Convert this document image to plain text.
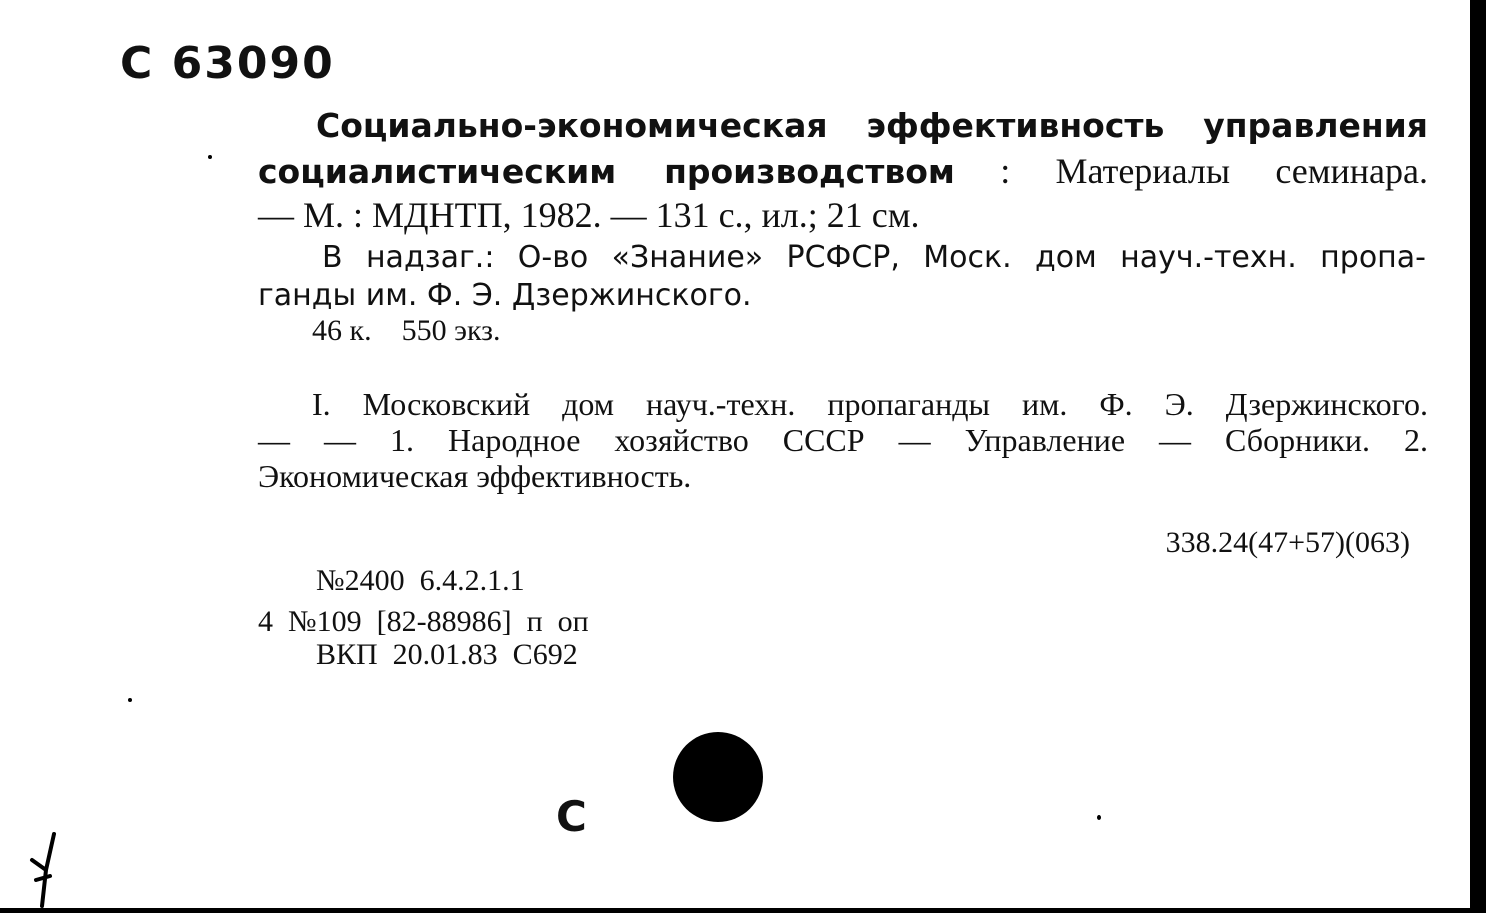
С 63090
Социально-экономическая эффективность управления
социалистическим производством : Материалы семинара.
— М. : МДНТП, 1982. — 131 с., ил.; 21 см.
В надзаг.: О-во «Знание» РСФСР, Моск. дом науч.-техн. пропа-
ганды им. Ф. Э. Дзержинского.
46 к.    550 экз.
I. Московский дом науч.-техн. пропаганды им. Ф. Э. Дзержинского.
— — 1. Народное хозяйство СССР — Управление — Сборники. 2.
Экономическая эффективность.
338.24(47+57)(063)
№2400  6.4.2.1.1
4  №109  [82-88986]  п  оп
ВКП  20.01.83  С692
С
